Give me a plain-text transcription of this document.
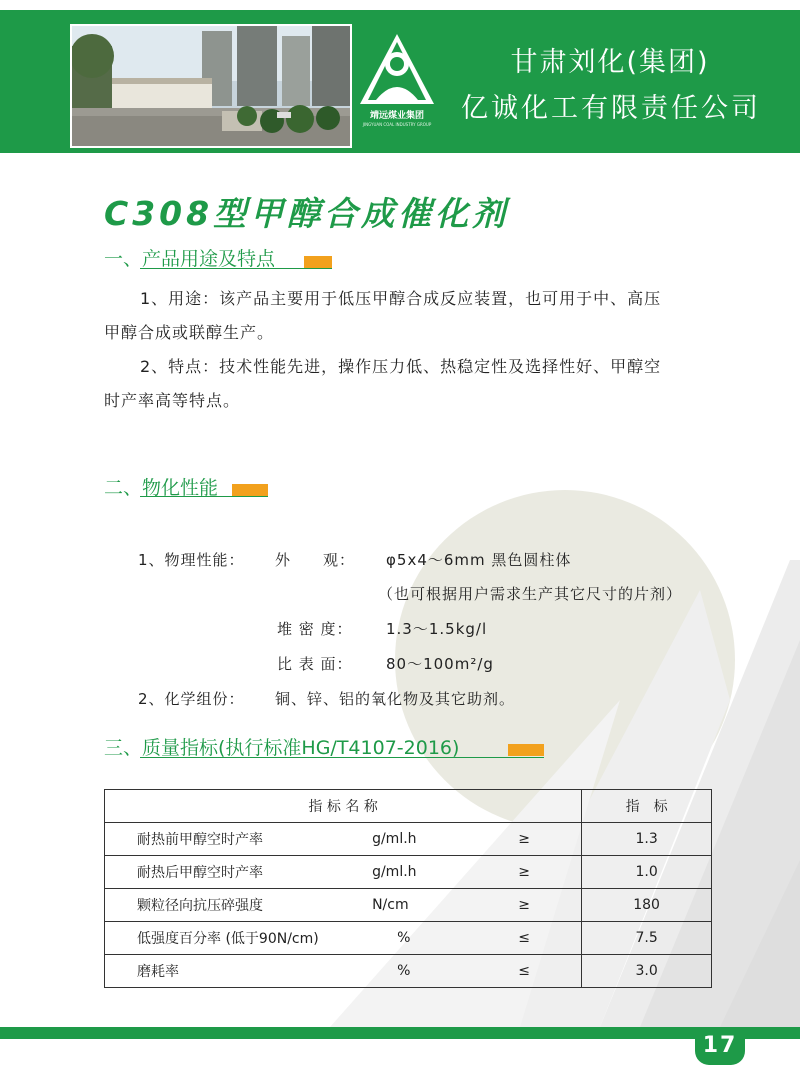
靖远煤业集团
JINGYUAN COAL INDUSTRY GROUP
甘肃刘化(集团)
亿诚化工有限责任公司
C308型甲醇合成催化剂
一、产品用途及特点
1、用途：该产品主要用于低压甲醇合成反应装置，也可用于中、高压
甲醇合成或联醇生产。
2、特点：技术性能先进，操作压力低、热稳定性及选择性好、甲醇空
时产率高等特点。
二、物化性能
1、物理性能： 外　　观： φ5x4～6mm 黑色圆柱体
（也可根据用户需求生产其它尺寸的片剂）
堆 密 度： 1.3～1.5kg/l
比 表 面： 80～100m²/g
2、化学组份： 铜、锌、铝的氧化物及其它助剂。
三、质量指标(执行标准HG/T4107-2016)
指 标 名 称			指　标
耐热前甲醇空时产率	g/ml.h	≥	1.3
耐热后甲醇空时产率	g/ml.h	≥	1.0
颗粒径向抗压碎强度	N/cm	≥	180
低强度百分率 (低于90N/cm)	%	≤	7.5
磨耗率	%	≤	3.0
17
